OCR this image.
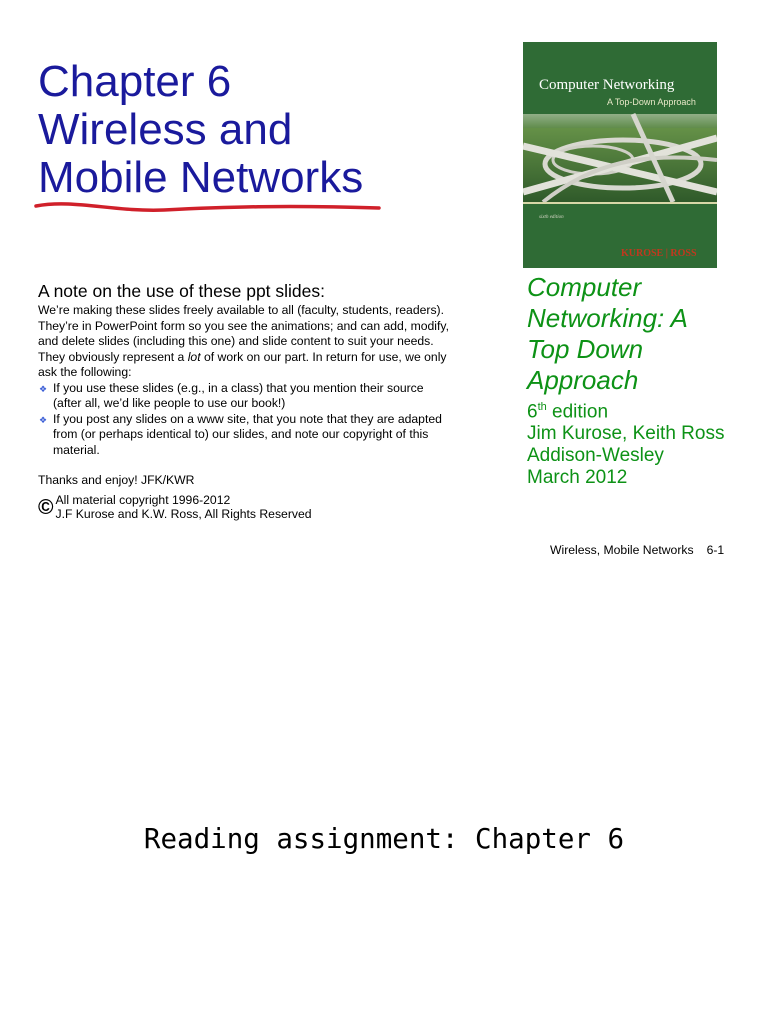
Chapter 6
Wireless and
Mobile Networks
Computer Networking
A Top-Down Approach
sixth edition
KUROSE | ROSS

A note on the use of these ppt slides:

We’re making these slides freely available to all (faculty, students, readers).

They’re in PowerPoint form so you see the animations; and can add, modify,

and delete slides (including this one) and slide content to suit your needs.

They obviously represent a lot of work on our part. In return for use, we only

ask the following:

❖ If you use these slides (e.g., in a class) that you mention their source
(after all, we’d like people to use our book!)
❖ If you post any slides on a www site, that you note that they are adapted
from (or perhaps identical to) our slides, and note our copyright of this
material.

Thanks and enjoy! JFK/KWR

© All material copyright 1996-2012
J.F Kurose and K.W. Ross, All Rights Reserved
Computer
Networking: A
Top Down
Approach
6th edition
Jim Kurose, Keith Ross
Addison-Wesley
March 2012
Wireless, Mobile Networks 6-1
Reading assignment: Chapter 6
